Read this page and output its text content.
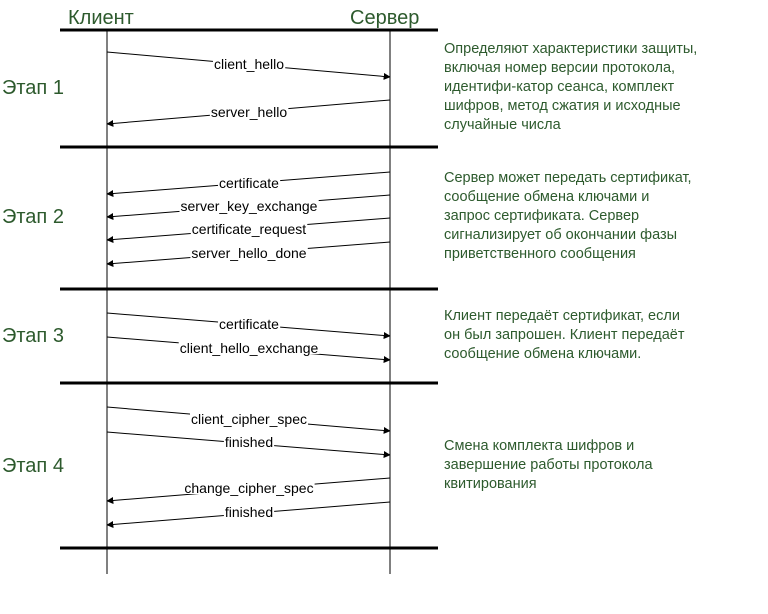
Клиент	Сервер
Этап 1
client_hello
server_hello
Этап 2
certificate
server_key_exchange
certificate_request
server_hello_done
Этап 3
certificate
client_hello_exchange
Этап 4
client_cipher_spec
finished
change_cipher_spec
finished
Определяют характеристики защиты,
включая номер версии протокола,
идентифи-катор сеанса, комплект
шифров, метод сжатия и исходные
случайные числа
Сервер может передать сертификат,
сообщение обмена ключами и
запрос сертификата. Сервер
сигнализирует об окончании фазы
приветственного сообщения
Клиент передаёт сертификат, если
он был запрошен. Клиент передаёт
сообщение обмена ключами.
Смена комплекта шифров и
завершение работы протокола
квитирования
